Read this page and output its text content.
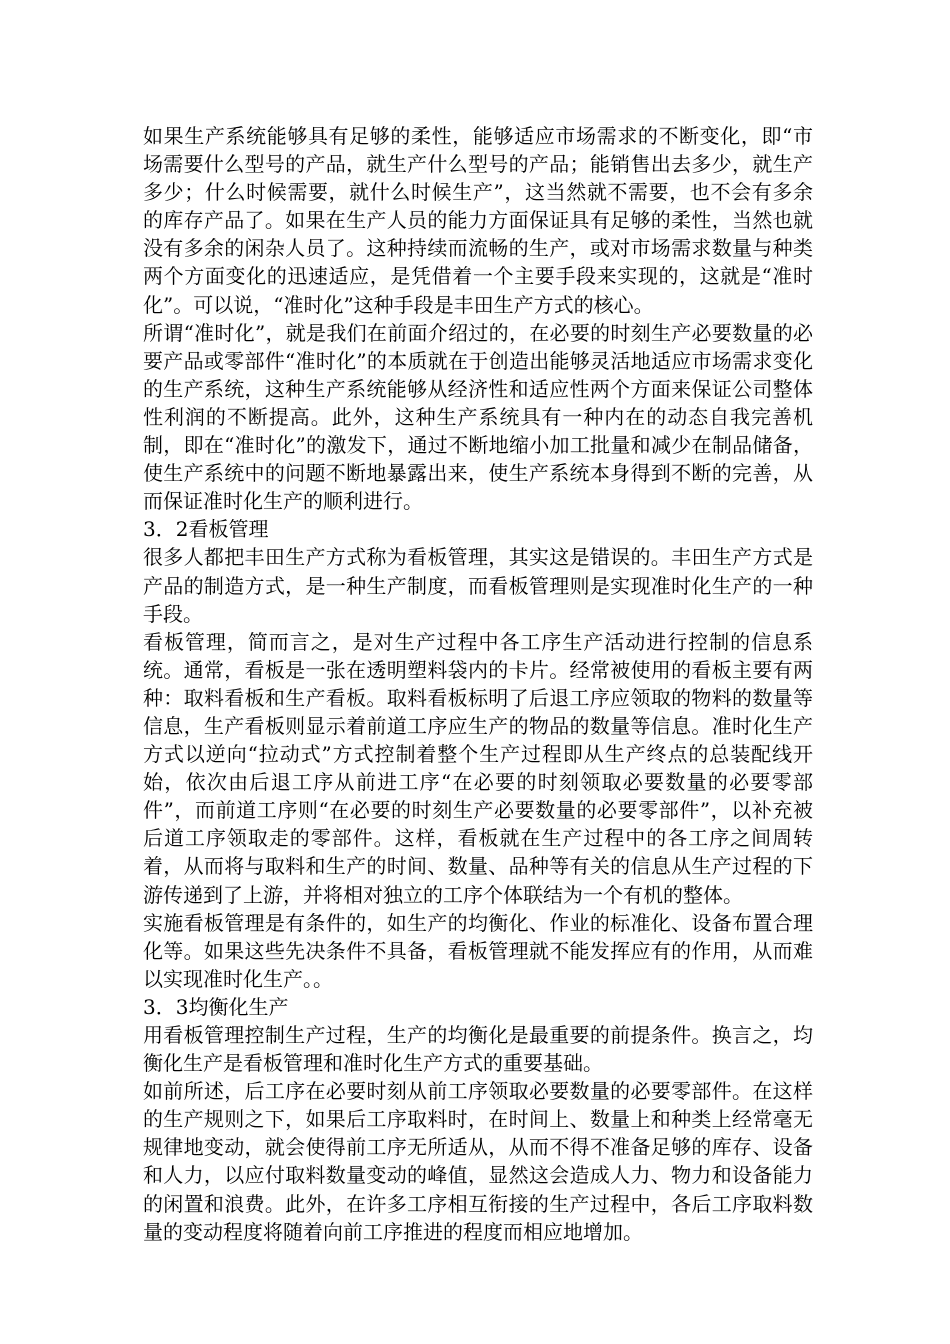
如果生产系统能够具有足够的柔性，能够适应市场需求的不断变化，即“市场需要什么型号的产品，就生产什么型号的产品；能销售出去多少，就生产多少；什么时候需要，就什么时候生产”，这当然就不需要，也不会有多余的库存产品了。如果在生产人员的能力方面保证具有足够的柔性，当然也就没有多余的闲杂人员了。这种持续而流畅的生产，或对市场需求数量与种类两个方面变化的迅速适应，是凭借着一个主要手段来实现的，这就是“准时化”。可以说，“准时化”这种手段是丰田生产方式的核心。

所谓“准时化”，就是我们在前面介绍过的，在必要的时刻生产必要数量的必要产品或零部件“准时化”的本质就在于创造出能够灵活地适应市场需求变化的生产系统，这种生产系统能够从经济性和适应性两个方面来保证公司整体性利润的不断提高。此外，这种生产系统具有一种内在的动态自我完善机制，即在“准时化”的激发下，通过不断地缩小加工批量和减少在制品储备，使生产系统中的问题不断地暴露出来，使生产系统本身得到不断的完善，从而保证准时化生产的顺利进行。

3．2看板管理

很多人都把丰田生产方式称为看板管理，其实这是错误的。丰田生产方式是产品的制造方式，是一种生产制度，而看板管理则是实现准时化生产的一种手段。

看板管理，简而言之，是对生产过程中各工序生产活动进行控制的信息系统。通常，看板是一张在透明塑料袋内的卡片。经常被使用的看板主要有两种：取料看板和生产看板。取料看板标明了后退工序应领取的物料的数量等信息，生产看板则显示着前道工序应生产的物品的数量等信息。准时化生产方式以逆向“拉动式”方式控制着整个生产过程即从生产终点的总装配线开始，依次由后退工序从前进工序“在必要的时刻领取必要数量的必要零部件”，而前道工序则“在必要的时刻生产必要数量的必要零部件”，以补充被后道工序领取走的零部件。这样，看板就在生产过程中的各工序之间周转着，从而将与取料和生产的时间、数量、品种等有关的信息从生产过程的下游传递到了上游，并将相对独立的工序个体联结为一个有机的整体。

实施看板管理是有条件的，如生产的均衡化、作业的标准化、设备布置合理化等。如果这些先决条件不具备，看板管理就不能发挥应有的作用，从而难以实现准时化生产。。

3．3均衡化生产

用看板管理控制生产过程，生产的均衡化是最重要的前提条件。换言之，均衡化生产是看板管理和准时化生产方式的重要基础。

如前所述，后工序在必要时刻从前工序领取必要数量的必要零部件。在这样的生产规则之下，如果后工序取料时，在时间上、数量上和种类上经常毫无规律地变动，就会使得前工序无所适从，从而不得不准备足够的库存、设备和人力，以应付取料数量变动的峰值，显然这会造成人力、物力和设备能力的闲置和浪费。此外，在许多工序相互衔接的生产过程中，各后工序取料数量的变动程度将随着向前工序推进的程度而相应地增加。
